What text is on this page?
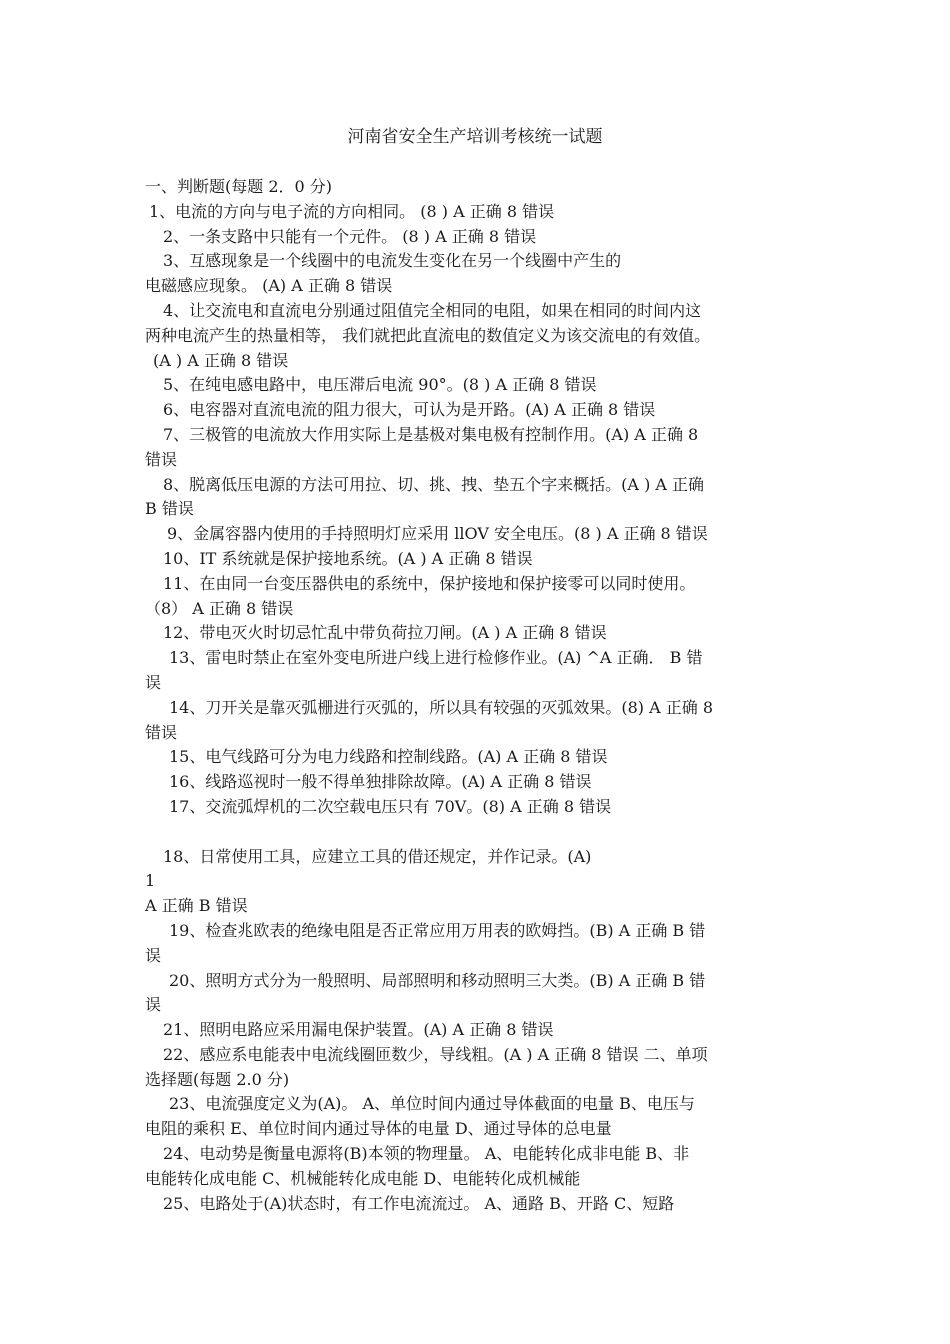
河南省安全生产培训考核统一试题
一、判断题(每题 2．0 分)
1、电流的方向与电子流的方向相同。 (8 ) A 正确 8 错误
2、一条支路中只能有一个元件。 (8 ) A 正确 8 错误
3、互感现象是一个线圈中的电流发生变化在另一个线圈中产生的
电磁感应现象。 (A) A 正确 8 错误
4、让交流电和直流电分别通过阻值完全相同的电阻，如果在相同的时间内这
两种电流产生的热量相等， 我们就把此直流电的数值定义为该交流电的有效值。
(A ) A 正确 8 错误
5、在纯电感电路中，电压滞后电流 90°。(8 ) A 正确 8 错误
6、电容器对直流电流的阻力很大，可认为是开路。(A) A 正确 8 错误
7、三极管的电流放大作用实际上是基极对集电极有控制作用。(A) A 正确 8
错误
8、脱离低压电源的方法可用拉、切、挑、拽、垫五个字来概括。(A ) A 正确
B 错误
9、金属容器内使用的手持照明灯应采用 llOV 安全电压。(8 ) A 正确 8 错误
10、IT 系统就是保护接地系统。(A ) A 正确 8 错误
11、在由同一台变压器供电的系统中，保护接地和保护接零可以同时使用。
（8） A 正确 8 错误
12、带电灭火时切忌忙乱中带负荷拉刀闸。(A ) A 正确 8 错误
13、雷电时禁止在室外变电所进户线上进行检修作业。(A) ^A 正确． B 错
误
14、刀开关是靠灭弧栅进行灭弧的，所以具有较强的灭弧效果。(8) A 正确 8
错误
15、电气线路可分为电力线路和控制线路。(A) A 正确 8 错误
16、线路巡视时一般不得单独排除故障。(A) A 正确 8 错误
17、交流弧焊机的二次空载电压只有 70V。(8) A 正确 8 错误
18、日常使用工具，应建立工具的借还规定，并作记录。(A)
1
A 正确 B 错误
19、检查兆欧表的绝缘电阻是否正常应用万用表的欧姆挡。(B) A 正确 B 错
误
20、照明方式分为一般照明、局部照明和移动照明三大类。(B) A 正确 B 错
误
21、照明电路应采用漏电保护装置。(A) A 正确 8 错误
22、感应系电能表中电流线圈匝数少，导线粗。(A ) A 正确 8 错误 二、单项
选择题(每题 2.0 分)
23、电流强度定义为(A)。 A、单位时间内通过导体截面的电量 B、电压与
电阻的乘积 E、单位时间内通过导体的电量 D、通过导体的总电量
24、电动势是衡量电源将(B)本领的物理量。 A、电能转化成非电能 B、非
电能转化成电能 C、机械能转化成电能 D、电能转化成机械能
25、电路处于(A)状态时，有工作电流流过。 A、通路 B、开路 C、短路
